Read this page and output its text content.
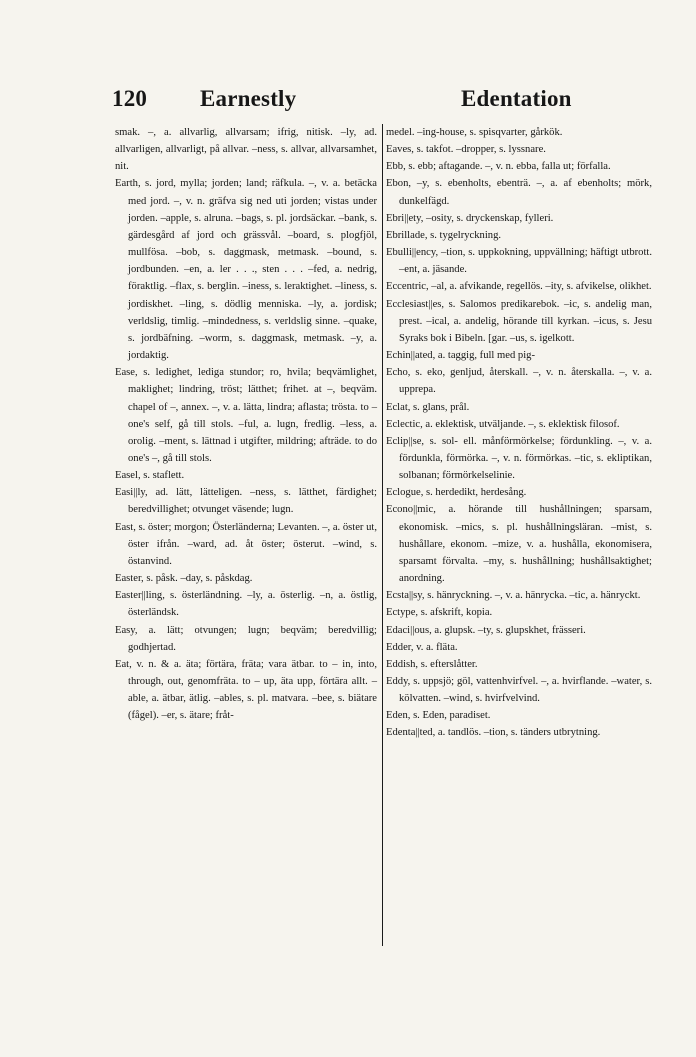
120 Earnestly	Edentation

smak. –, a. allvarlig, allvarsam; ifrig, nitisk. –ly, ad. allvarligen, allvarligt, på allvar. –ness, s. allvar, allvarsamhet, nit.

Earth, s. jord, mylla; jorden; land; räfkula. –, v. a. betäcka med jord. –, v. n. gräfva sig ned uti jorden; vistas under jorden. –apple, s. alruna. –bags, s. pl. jordsäckar. –bank, s. gärdesgård af jord och grässvål. –board, s. plogfjöl, mullfösa. –bob, s. daggmask, metmask. –bound, s. jordbunden. –en, a. ler . . ., sten . . . –fed, a. nedrig, föraktlig. –flax, s. berglin. –iness, s. leraktighet. –liness, s. jordiskhet. –ling, s. dödlig menniska. –ly, a. jordisk; verldslig, timlig. –mindedness, s. verldslig sinne. –quake, s. jordbäfning. –worm, s. daggmask, metmask. –y, a. jordaktig.

Ease, s. ledighet, lediga stundor; ro, hvila; beqvämlighet, maklighet; lindring, tröst; lätthet; frihet. at –, beqväm. chapel of –, annex. –, v. a. lätta, lindra; aflasta; trösta. to – one's self, gå till stols. –ful, a. lugn, fredlig. –less, a. orolig. –ment, s. lättnad i utgifter, mildring; afträde. to do one's –, gå till stols.

Easel, s. staflett.

Easi||ly, ad. lätt, lätteligen. –ness, s. lätthet, färdighet; beredvillighet; otvunget väsende; lugn.

East, s. öster; morgon; Österländerna; Levanten. –, a. öster ut, öster ifrån. –ward, ad. åt öster; österut. –wind, s. östanvind.

Easter, s. påsk. –day, s. påskdag.

Easter||ling, s. österländning. –ly, a. österlig. –n, a. östlig, österländsk.

Easy, a. lätt; otvungen; lugn; beqväm; beredvillig; godhjertad.

Eat, v. n. & a. äta; förtära, fräta; vara ätbar. to – in, into, through, out, genomfräta. to – up, äta upp, förtära allt. –able, a. ätbar, ätlig. –ables, s. pl. matvara. –bee, s. biätare (fågel). –er, s. ätare; fråt-

medel. –ing-house, s. spisqvarter, gårkök.

Eaves, s. takfot. –dropper, s. lyssnare.

Ebb, s. ebb; aftagande. –, v. n. ebba, falla ut; förfalla.

Ebon, –y, s. ebenholts, ebenträ. –, a. af ebenholts; mörk, dunkelfägd.

Ebri||ety, –osity, s. dryckenskap, fylleri.

Ebrillade, s. tygelryckning.

Ebulli||ency, –tion, s. uppkokning, uppvällning; häftigt utbrott. –ent, a. jäsande.

Eccentric, –al, a. afvikande, regellös. –ity, s. afvikelse, olikhet.

Ecclesiast||es, s. Salomos predikarebok. –ic, s. andelig man, prest. –ical, a. andelig, hörande till kyrkan. –icus, s. Jesu Syraks bok i Bibeln. [gar. –us, s. igelkott.

Echin||ated, a. taggig, full med pig-

Echo, s. eko, genljud, återskall. –, v. n. återskalla. –, v. a. upprepa.

Eclat, s. glans, prål.

Eclectic, a. eklektisk, utväljande. –, s. eklektisk filosof.

Eclip||se, s. sol- ell. månförmörkelse; fördunkling. –, v. a. fördunkla, förmörka. –, v. n. förmörkas. –tic, s. ekliptikan, solbanan; förmörkelselinie.

Eclogue, s. herdedikt, herdesång.

Econo||mic, a. hörande till hushållningen; sparsam, ekonomisk. –mics, s. pl. hushållningsläran. –mist, s. hushållare, ekonom. –mize, v. a. hushålla, ekonomisera, sparsamt förvalta. –my, s. hushållning; hushållsaktighet; anordning.

Ecsta||sy, s. hänryckning. –, v. a. hänrycka. –tic, a. hänryckt.

Ectype, s. afskrift, kopia.

Edaci||ous, a. glupsk. –ty, s. glupskhet, frässeri.

Edder, v. a. fläta.

Eddish, s. efterslåtter.

Eddy, s. uppsjö; göl, vattenhvirfvel. –, a. hvirflande. –water, s. kölvatten. –wind, s. hvirfvelvind.

Eden, s. Eden, paradiset.

Edenta||ted, a. tandlös. –tion, s. tänders utbrytning.
